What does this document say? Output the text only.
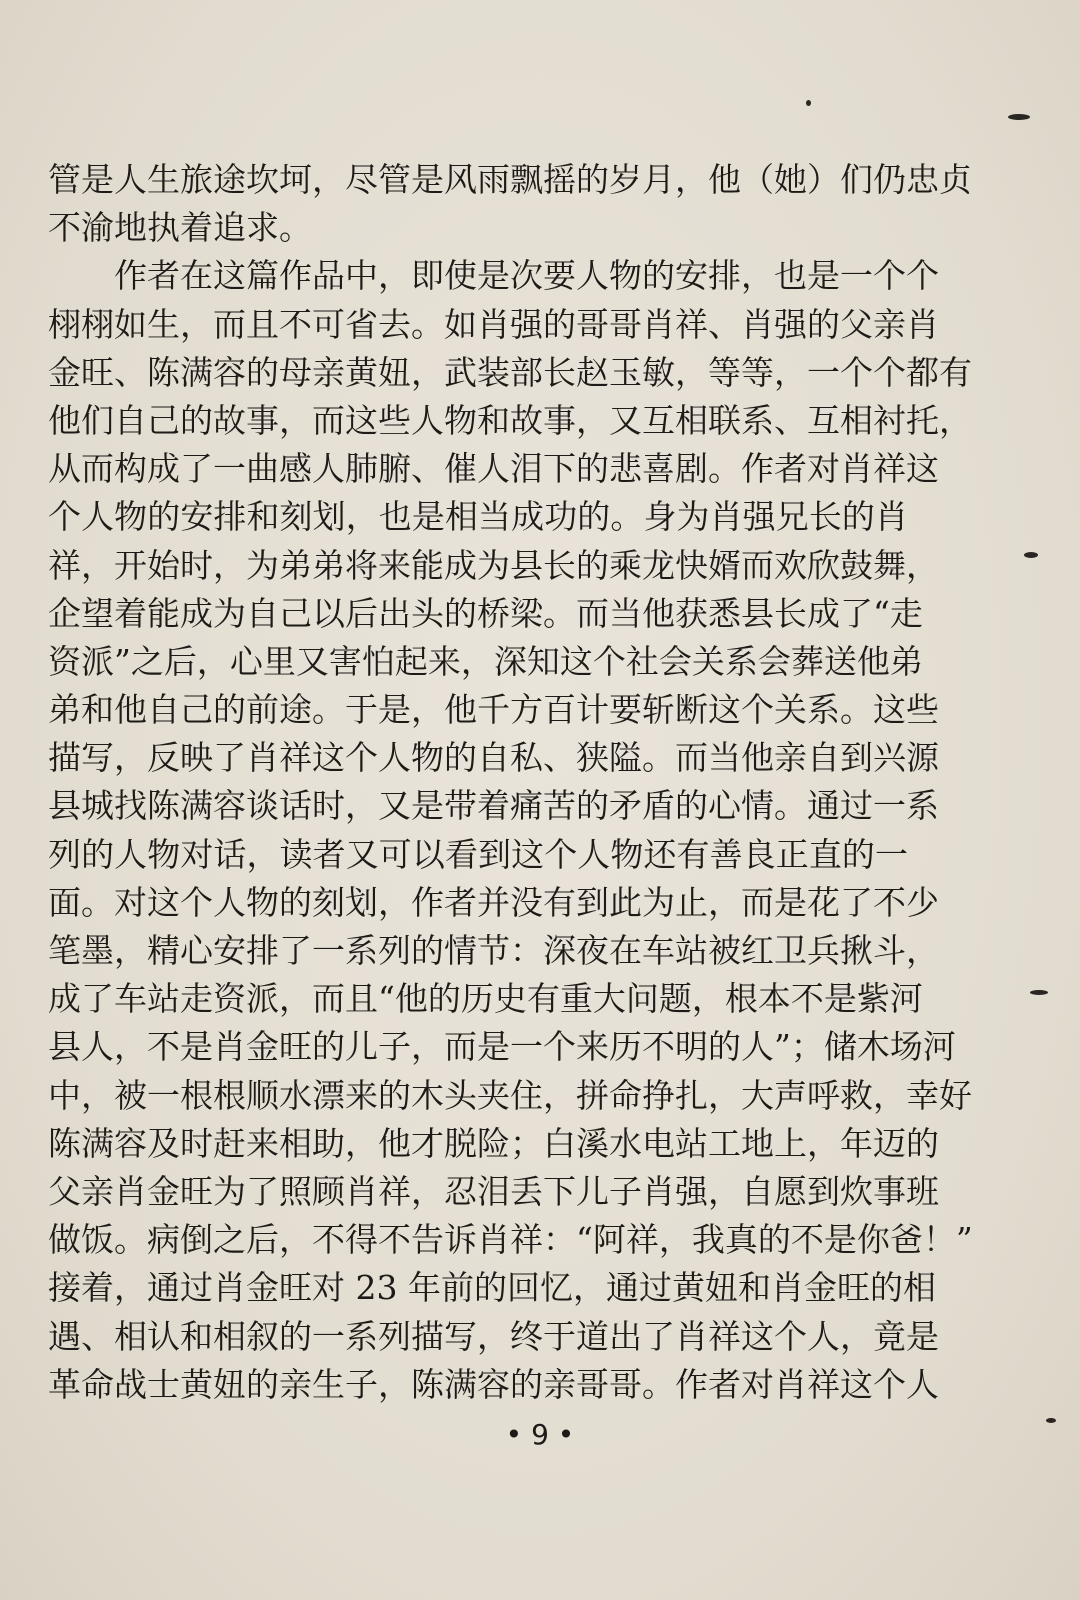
管是人生旅途坎坷，尽管是风雨飘摇的岁月，他（她）们仍忠贞
不渝地执着追求。
作者在这篇作品中，即使是次要人物的安排，也是一个个
栩栩如生，而且不可省去。如肖强的哥哥肖祥、肖强的父亲肖
金旺、陈满容的母亲黄妞，武装部长赵玉敏，等等，一个个都有
他们自己的故事，而这些人物和故事，又互相联系、互相衬托，
从而构成了一曲感人肺腑、催人泪下的悲喜剧。作者对肖祥这
个人物的安排和刻划，也是相当成功的。身为肖强兄长的肖
祥，开始时，为弟弟将来能成为县长的乘龙快婿而欢欣鼓舞，
企望着能成为自己以后出头的桥梁。而当他获悉县长成了“走
资派”之后，心里又害怕起来，深知这个社会关系会葬送他弟
弟和他自己的前途。于是，他千方百计要斩断这个关系。这些
描写，反映了肖祥这个人物的自私、狭隘。而当他亲自到兴源
县城找陈满容谈话时，又是带着痛苦的矛盾的心情。通过一系
列的人物对话，读者又可以看到这个人物还有善良正直的一
面。对这个人物的刻划，作者并没有到此为止，而是花了不少
笔墨，精心安排了一系列的情节：深夜在车站被红卫兵揪斗，
成了车站走资派，而且“他的历史有重大问题，根本不是紫河
县人，不是肖金旺的儿子，而是一个来历不明的人”；储木场河
中，被一根根顺水漂来的木头夹住，拼命挣扎，大声呼救，幸好
陈满容及时赶来相助，他才脱险；白溪水电站工地上，年迈的
父亲肖金旺为了照顾肖祥，忍泪丢下儿子肖强，自愿到炊事班
做饭。病倒之后，不得不告诉肖祥：“阿祥，我真的不是你爸！”
接着，通过肖金旺对 23 年前的回忆，通过黄妞和肖金旺的相
遇、相认和相叙的一系列描写，终于道出了肖祥这个人，竟是
革命战士黄妞的亲生子，陈满容的亲哥哥。作者对肖祥这个人
• 9 •
